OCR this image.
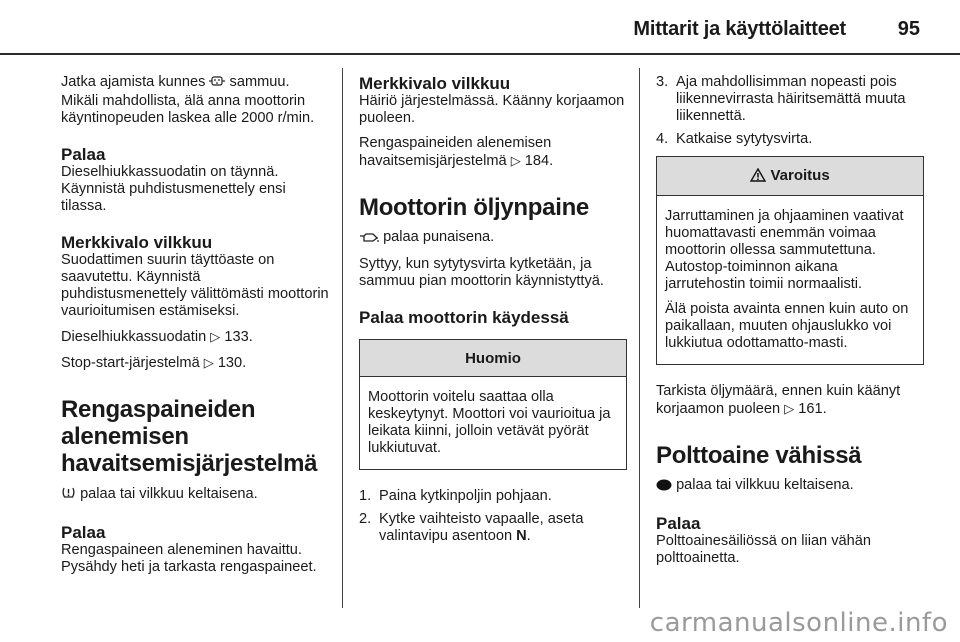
Mittarit ja käyttölaitteet	95

Jatka ajamista kunnes sammuu. Mikäli mahdollista, älä anna moottorin käyntinopeuden laskea alle 2000 r/min.

Palaa

Dieselhiukkassuodatin on täynnä. Käynnistä puhdistusmenettely ensi tilassa.

Merkkivalo vilkkuu

Suodattimen suurin täyttöaste on saavutettu. Käynnistä puhdistusmenettely välittömästi moottorin vaurioitumisen estämiseksi.

Dieselhiukkassuodatin ▷ 133.

Stop-start-järjestelmä ▷ 130.

Rengaspaineiden alenemisen havaitsemisjärjestelmä

palaa tai vilkkuu keltaisena.

Palaa

Rengaspaineen aleneminen havaittu. Pysähdy heti ja tarkasta rengaspaineet.

Merkkivalo vilkkuu

Häiriö järjestelmässä. Käänny korjaamon puoleen.

Rengaspaineiden alenemisen havaitsemisjärjestelmä ▷ 184.

Moottorin öljynpaine

palaa punaisena.

Syttyy, kun sytytysvirta kytketään, ja sammuu pian moottorin käynnistyttyä.

Palaa moottorin käydessä
Huomio

Moottorin voitelu saattaa olla keskeytynyt. Moottori voi vaurioitua ja leikata kiinni, jolloin vetävät pyörät lukkiutuvat.

1. Paina kytkinpoljin pohjaan.
2. Kytke vaihteisto vapaalle, aseta valintavipu asentoon N.
3. Aja mahdollisimman nopeasti pois liikennevirrasta häiritsemättä muuta liikennettä.
4. Katkaise sytytysvirta.
Varoitus

Jarruttaminen ja ohjaaminen vaativat huomattavasti enemmän voimaa moottorin ollessa sammutettuna. Autostop-toiminnon aikana jarrutehostin toimii normaalisti.

Älä poista avainta ennen kuin auto on paikallaan, muuten ohjauslukko voi lukkiutua odottamatto-masti.

Tarkista öljymäärä, ennen kuin käänyt korjaamon puoleen ▷ 161.

Polttoaine vähissä

palaa tai vilkkuu keltaisena.

Palaa

Polttoainesäiliössä on liian vähän polttoainetta.

carmanualsonline.info
